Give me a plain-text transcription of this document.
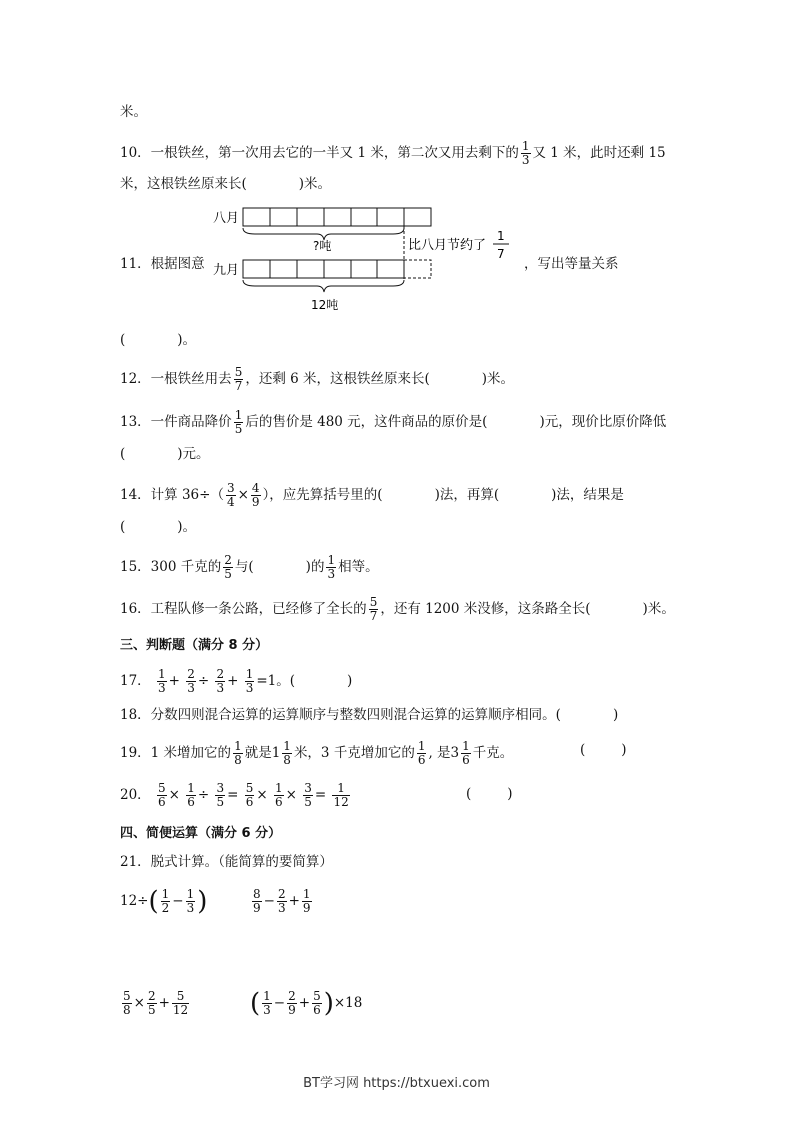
米。
10．一根铁丝，第一次用去它的一半又 1 米，第二次又用去剩下的 $\frac{1}{3}$ 又 1 米，此时还剩 15
米，这根铁丝原来长(	)米。
八月
?吨	比八月节约了
1
7
九月
12吨
11．根据图意	，写出等量关系
(	)。
12．一根铁丝用去 $\frac{5}{7}$ ，还剩 6 米，这根铁丝原来长(	)米。
13．一件商品降价 $\frac{1}{5}$ 后的售价是 480 元，这件商品的原价是(	)元，现价比原价降低
(	)元。
14．计算 $36\div( \frac{3}{4} \times \frac{4}{9}$ ），应先算括号里的(	)法，再算(	)法，结果是
(	)。
15．300 千克的 $\frac{2}{5}$ 与(	)的 $\frac{1}{3}$ 相等。
16．工程队修一条公路，已经修了全长的 $\frac{5}{7}$ ，还有 1200 米没修，这条路全长(	)米。
三、判断题（满分 8 分）
17． $\frac{1}{3} + \frac{2}{3} \div \frac{2}{3} + \frac{1}{3} =1$。(	)
18．分数四则混合运算的运算顺序与整数四则混合运算的运算顺序相同。(	)
19．1 米增加它的 $\frac{1}{8}$ 就是$1 \frac{1}{8}$ 米，3 千克增加它的 $\frac{1}{6}$ , 是$3 \frac{1}{6}$ 千克。	(	)
20． $\frac{5}{6} \times \frac{1}{6} \div \frac{3}{5} = \frac{5}{6} \times \frac{1}{6} \times \frac{3}{5} = \frac{1}{12}$	(	)
四、简便运算（满分 6 分）
21．脱式计算。（能简算的要简算）
$12\div( \frac{1}{2} - \frac{1}{3}$ )	$\frac{8}{9} - \frac{2}{3} + \frac{1}{9}$
$\frac{5}{8} \times \frac{2}{5} + \frac{5}{12}$ ( $\frac{1}{3} - \frac{2}{9} + \frac{5}{6} )\times 18$
BT学习网 https://btxuexi.com
